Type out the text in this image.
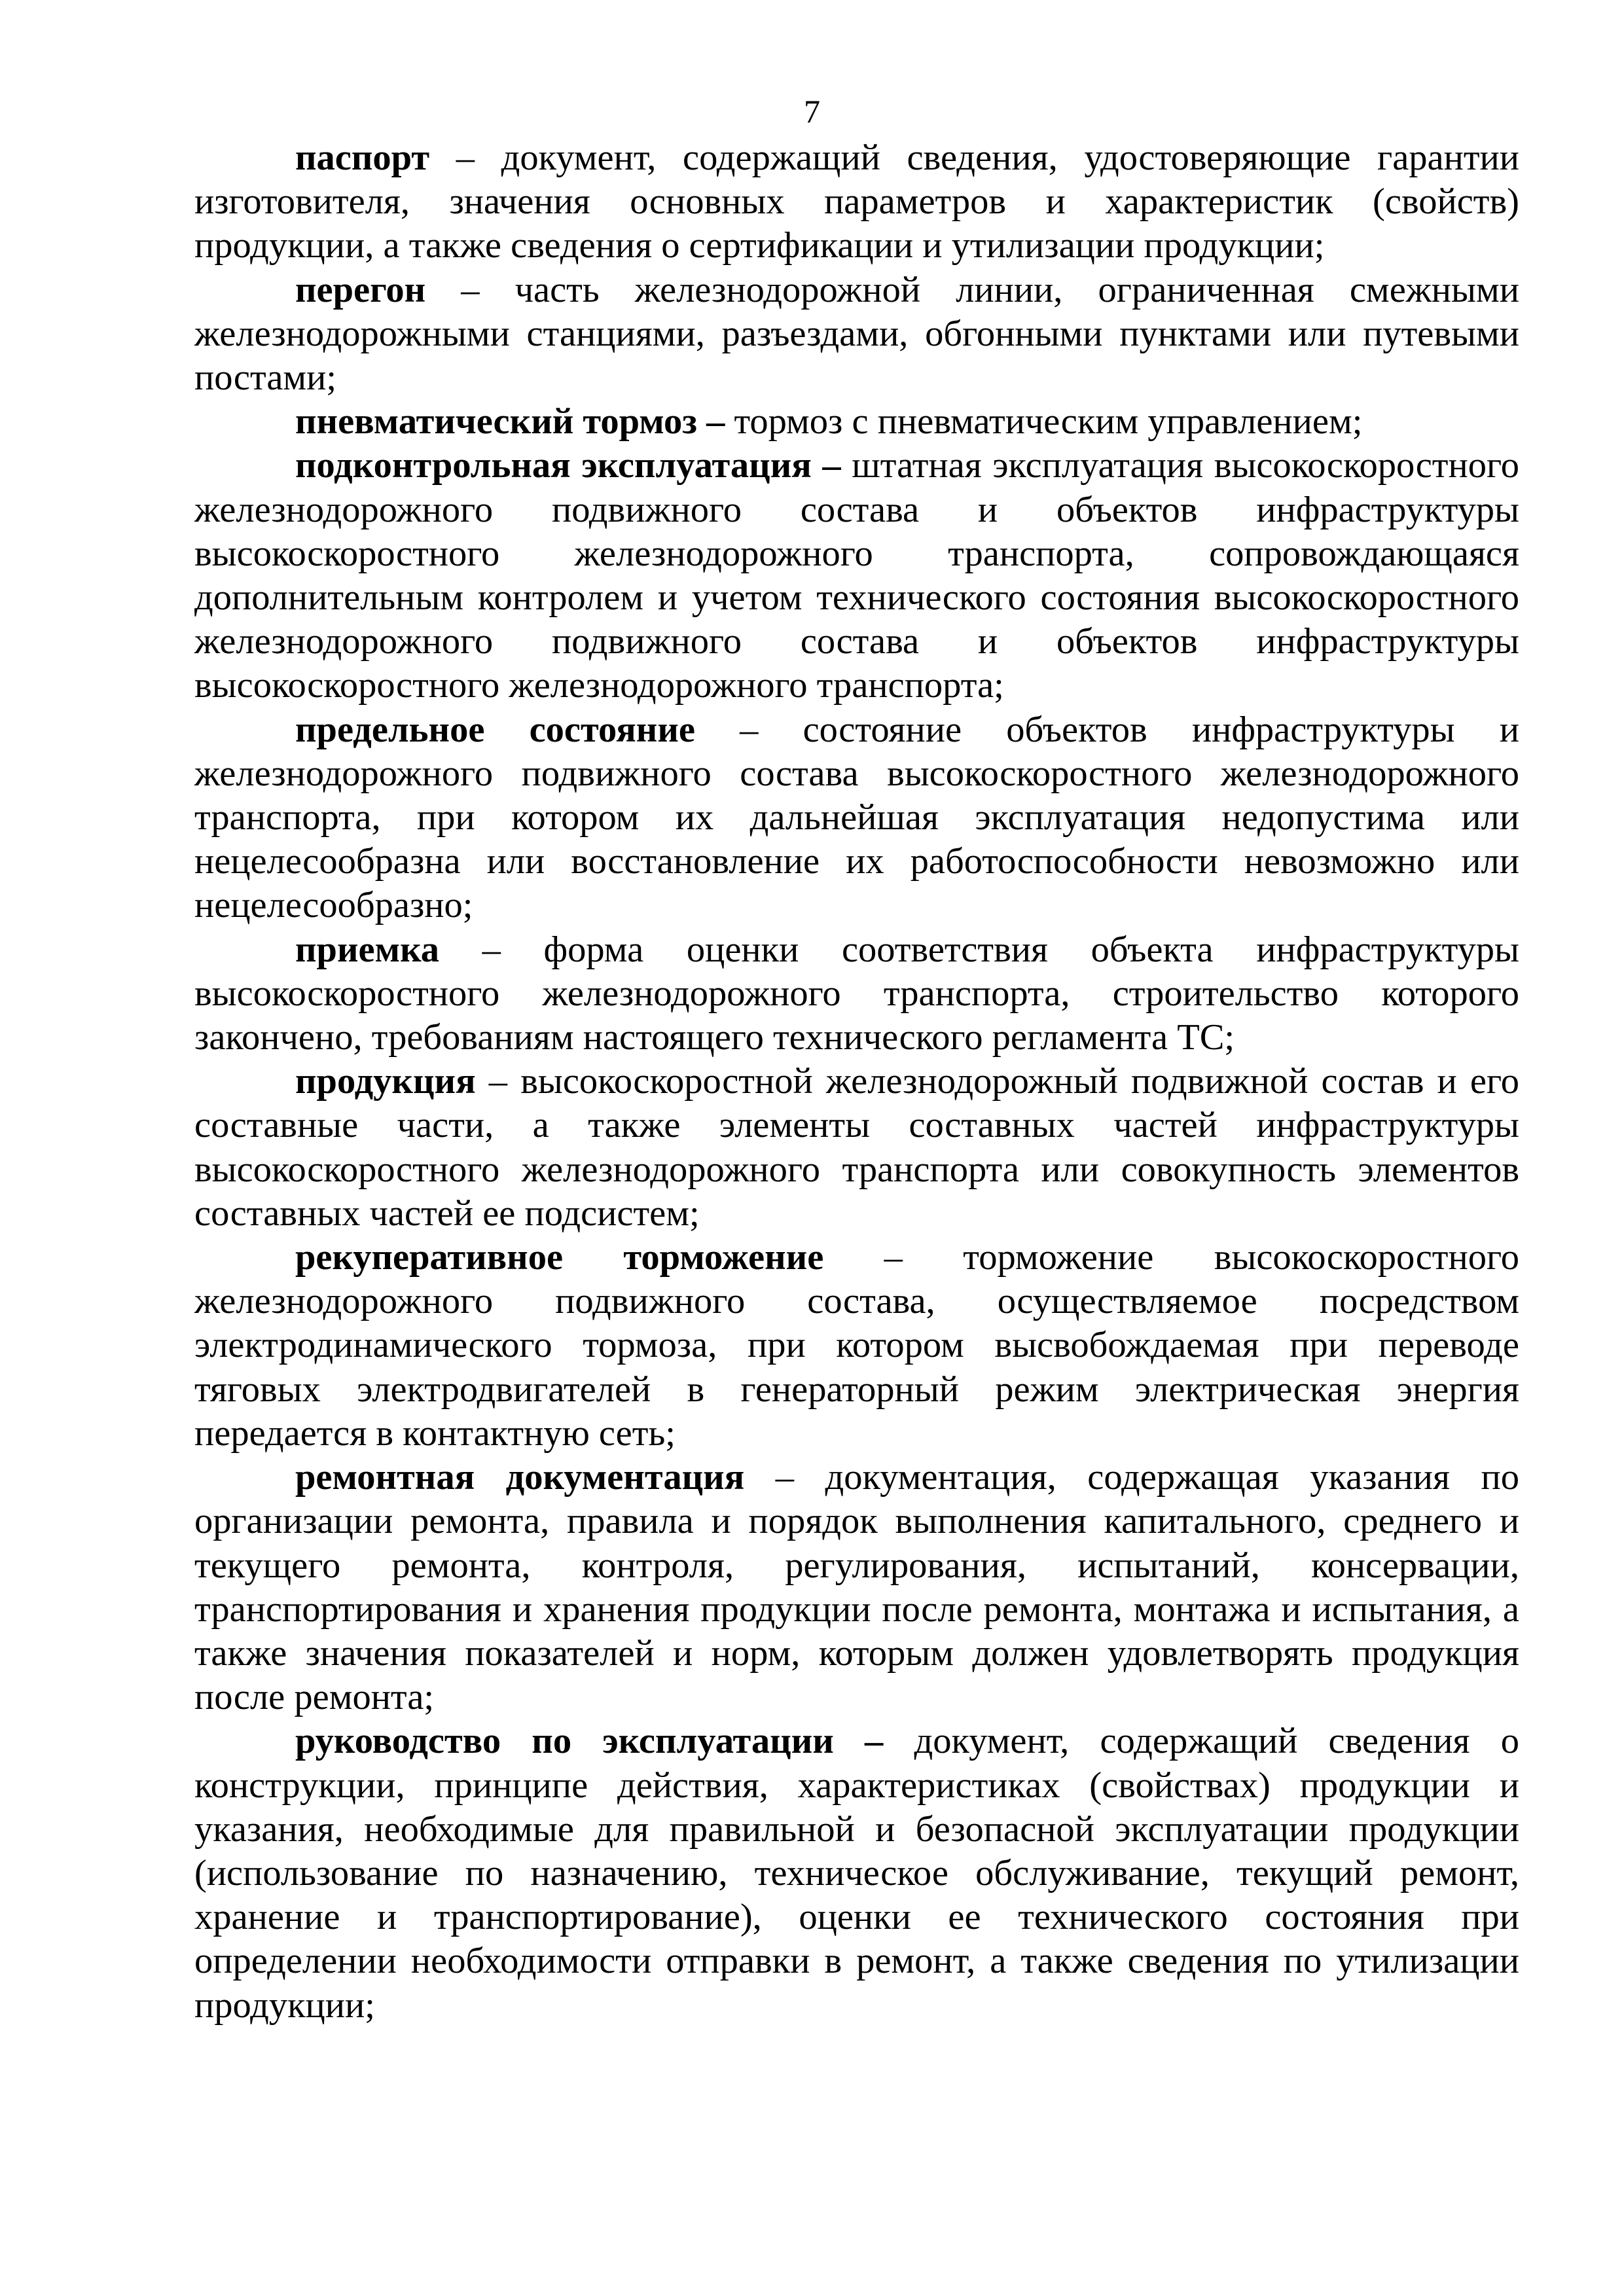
7

паспорт – документ, содержащий сведения, удостоверяющие гарантии изготовителя, значения основных параметров и характеристик (свойств) продукции, а также сведения о сертификации и утилизации продукции;

перегон – часть железнодорожной линии, ограниченная смежными железнодорожными станциями, разъездами, обгонными пунктами или путевыми постами;

пневматический тормоз – тормоз с пневматическим управлением;

подконтрольная эксплуатация – штатная эксплуатация высокоскоростного железнодорожного подвижного состава и объектов инфраструктуры высокоскоростного железнодорожного транспорта, сопровождающаяся дополнительным контролем и учетом технического состояния высокоскоростного железнодорожного подвижного состава и объектов инфраструктуры высокоскоростного железнодорожного транспорта;

предельное состояние – состояние объектов инфраструктуры и железнодорожного подвижного состава высокоскоростного железнодорожного транспорта, при котором их дальнейшая эксплуатация недопустима или нецелесообразна или восстановление их работоспособности невозможно или нецелесообразно;

приемка – форма оценки соответствия объекта инфраструктуры высокоскоростного железнодорожного транспорта, строительство которого закончено, требованиям настоящего технического регламента ТС;

продукция – высокоскоростной железнодорожный подвижной состав и его составные части, а также элементы составных частей инфраструктуры высокоскоростного железнодорожного транспорта или совокупность элементов составных частей ее подсистем;

рекуперативное торможение – торможение высокоскоростного железнодорожного подвижного состава, осуществляемое посредством электродинамического тормоза, при котором высвобождаемая при переводе тяговых электродвигателей в генераторный режим электрическая энергия передается в контактную сеть;

ремонтная документация – документация, содержащая указания по организации ремонта, правила и порядок выполнения капитального, среднего и текущего ремонта, контроля, регулирования, испытаний, консервации, транспортирования и хранения продукции после ремонта, монтажа и испытания, а также значения показателей и норм, которым должен удовлетворять продукция после ремонта;

руководство по эксплуатации – документ, содержащий сведения о конструкции, принципе действия, характеристиках (свойствах) продукции и указания, необходимые для правильной и безопасной эксплуатации продукции (использование по назначению, техническое обслуживание, текущий ремонт, хранение и транспортирование), оценки ее технического состояния при определении необходимости отправки в ремонт, а также сведения по утилизации продукции;
